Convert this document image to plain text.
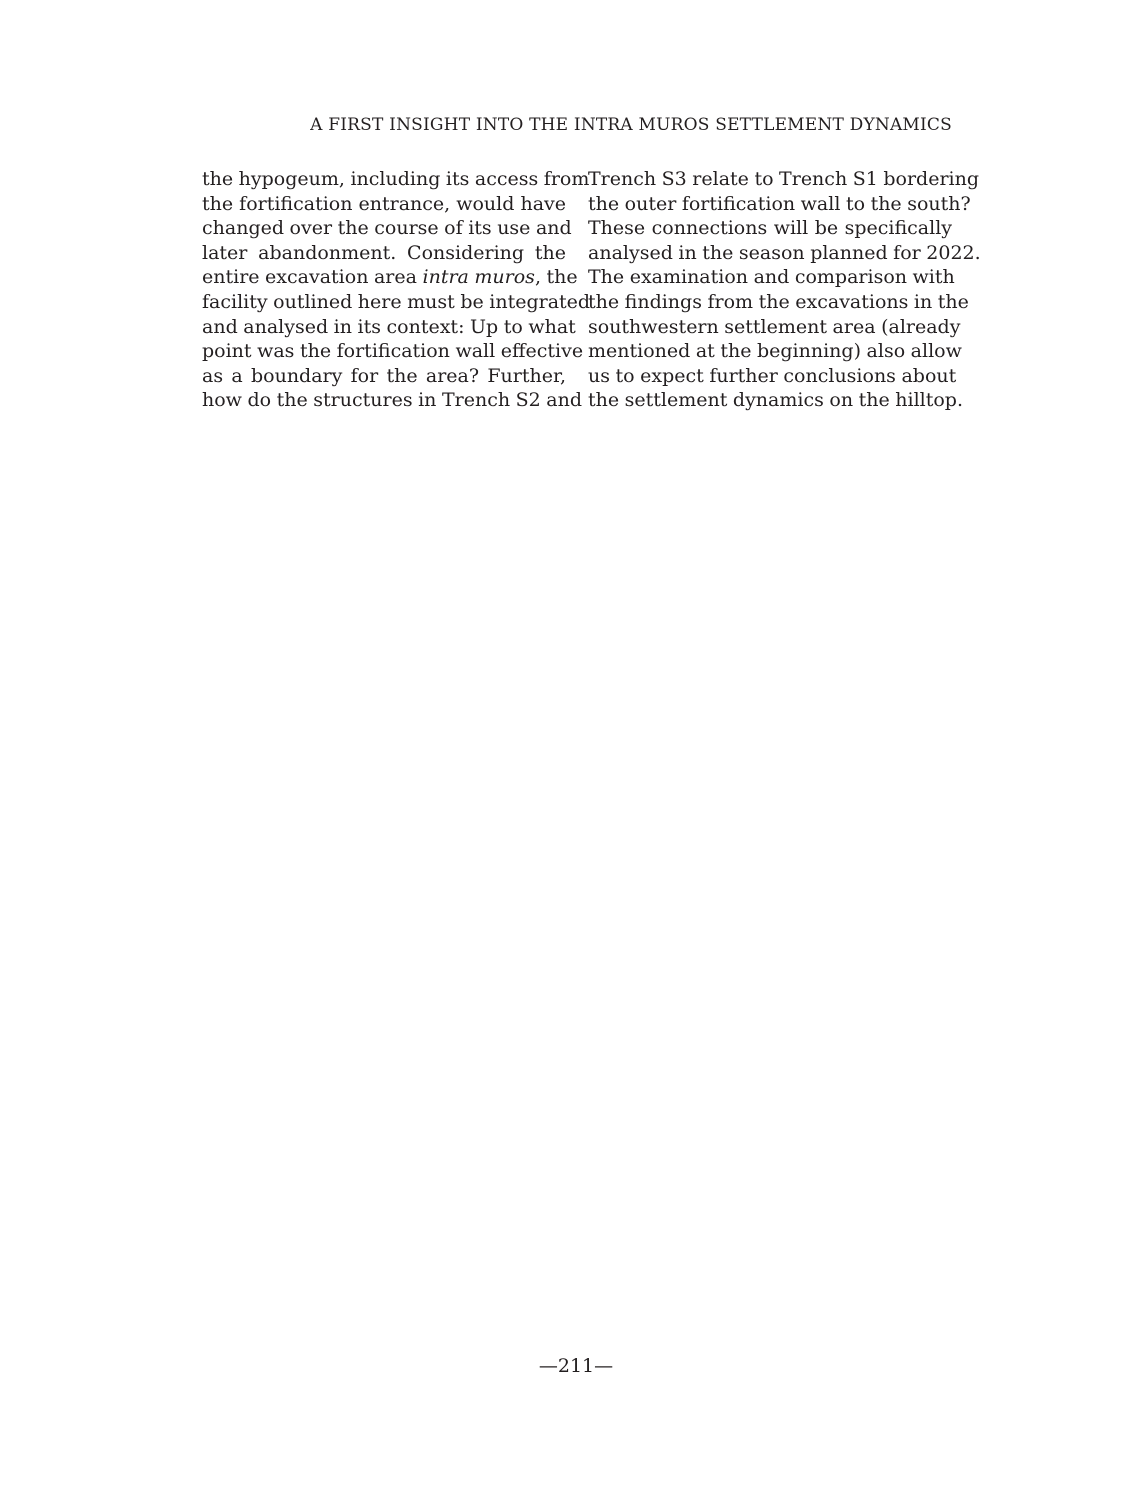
A FIRST INSIGHT INTO THE INTRA MUROS SETTLEMENT DYNAMICS
the hypogeum, including its access from
the fortification entrance, would have
changed over the course of its use and
later abandonment. Considering the
entire excavation area intra muros, the
facility outlined here must be integrated
and analysed in its context: Up to what
point was the fortification wall effective
as a boundary for the area? Further,
how do the structures in Trench S2 and
Trench S3 relate to Trench S1 bordering
the outer fortification wall to the south?
These connections will be specifically
analysed in the season planned for 2022.
The examination and comparison with
the findings from the excavations in the
southwestern settlement area (already
mentioned at the beginning) also allow
us to expect further conclusions about
the settlement dynamics on the hilltop.
—211—
